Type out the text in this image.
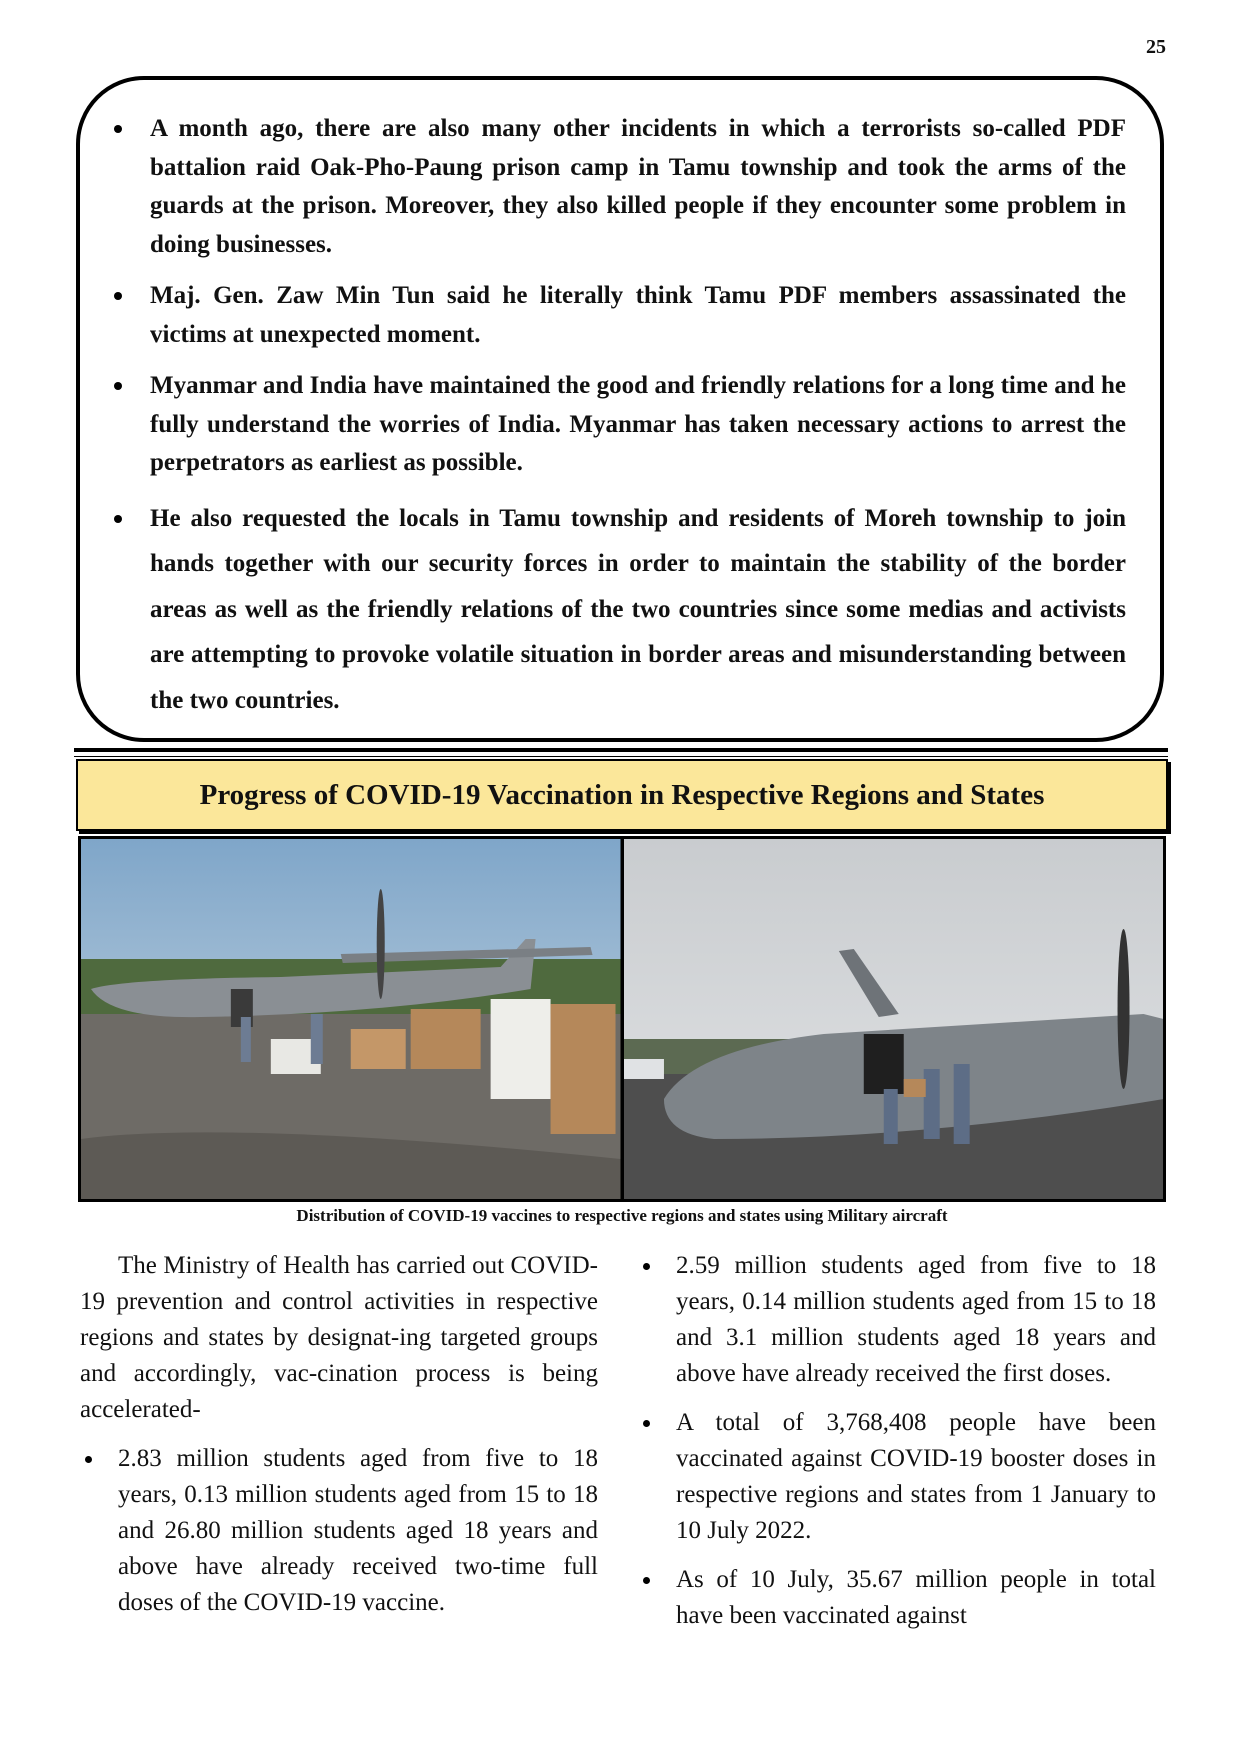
25
A month ago, there are also many other incidents in which a terrorists so-called PDF battalion raid Oak-Pho-Paung prison camp in Tamu township and took the arms of the guards at the prison. Moreover, they also killed people if they encounter some problem in doing businesses.
Maj. Gen. Zaw Min Tun said he literally think Tamu PDF members assassinated the victims at unexpected moment.
Myanmar and India have maintained the good and friendly relations for a long time and he fully understand the worries of India. Myanmar has taken necessary actions to arrest the perpetrators as earliest as possible.
He also requested the locals in Tamu township and residents of Moreh township to join hands together with our security forces in order to maintain the stability of the border areas as well as the friendly relations of the two countries since some medias and activists are attempting to provoke volatile situation in border areas and misunderstanding between the two countries.
Progress of COVID-19 Vaccination in Respective Regions and States
Distribution of COVID-19 vaccines to respective regions and states using Military aircraft

The Ministry of Health has carried out COVID-19 prevention and control activities in respective regions and states by designat-ing targeted groups and accordingly, vac-cination process is being accelerated-

2.83 million students aged from five to 18 years, 0.13 million students aged from 15 to 18 and 26.80 million students aged 18 years and above have already received two-time full doses of the COVID-19 vaccine.
2.59 million students aged from five to 18 years, 0.14 million students aged from 15 to 18 and 3.1 million students aged 18 years and above have already received the first doses.
A total of 3,768,408 people have been vaccinated against COVID-19 booster doses in respective regions and states from 1 January to 10 July 2022.
As of 10 July, 35.67 million people in total have been vaccinated against
